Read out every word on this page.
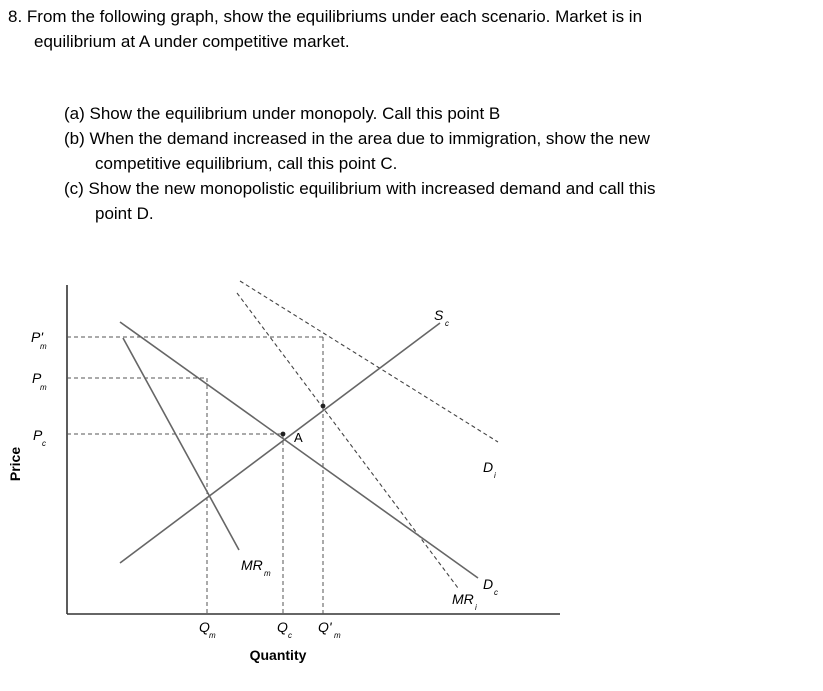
8. From the following graph, show the equilibriums under each scenario. Market is in
equilibrium at A under competitive market.
(a) Show the equilibrium under monopoly. Call this point B
(b) When the demand increased in the area due to immigration, show the new
competitive equilibrium, call this point C.
(c) Show the new monopolistic equilibrium with increased demand and call this
point D.
A
Price
P'
m
P
m
P
c
Q
m
Q
c
Q'
m
Quantity
S
c
D
i
D
c
MR
m
MR
i
